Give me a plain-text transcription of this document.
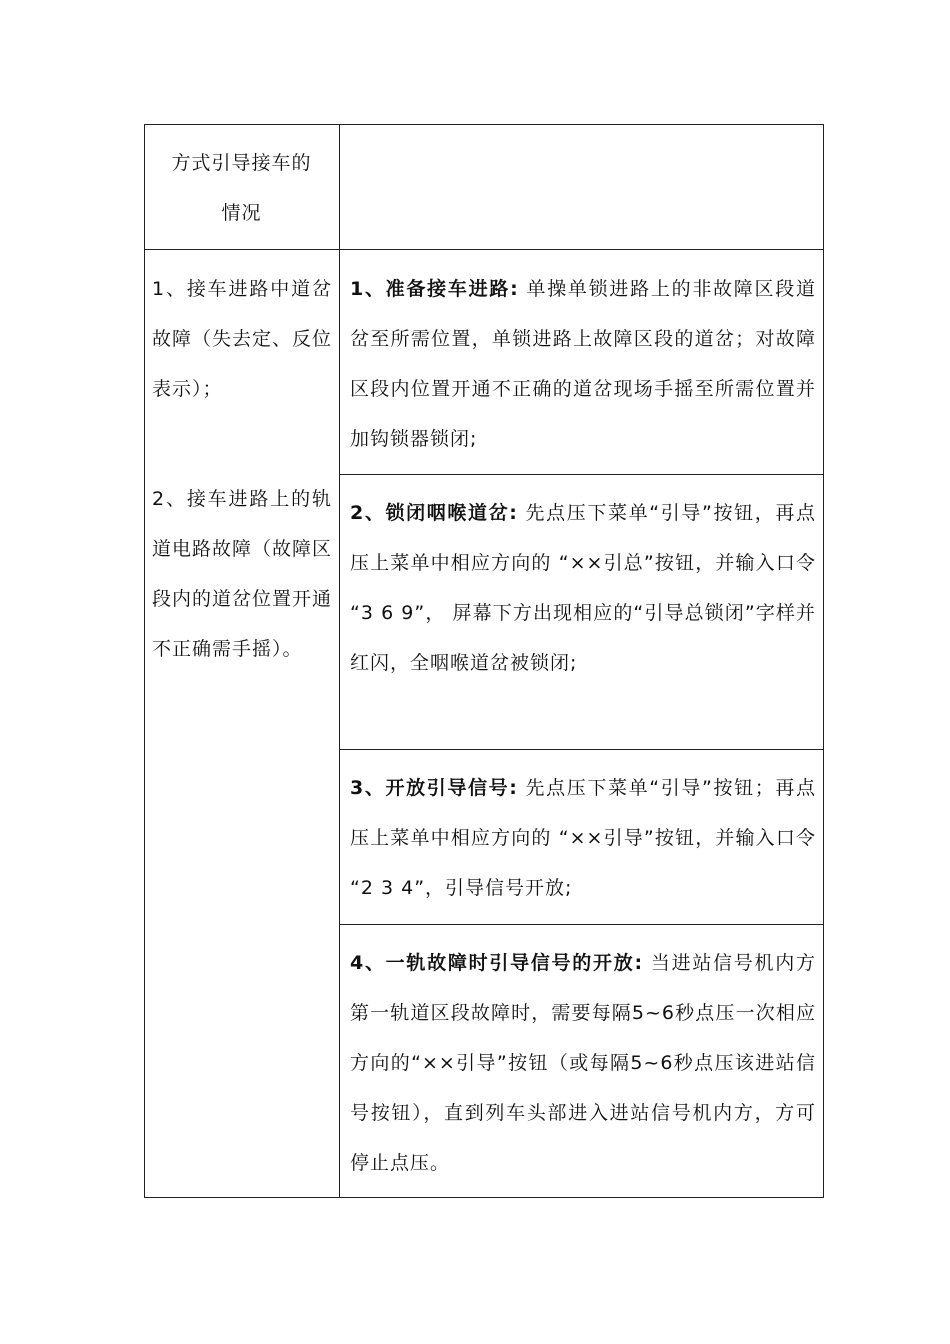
方式引导接车的情况
1、接车进路中道岔故障（失去定、反位表示）；
2、接车进路上的轨道电路故障（故障区段内的道岔位置开通不正确需手摇）。
1、准备接车进路: 单操单锁进路上的非故障区段道岔至所需位置，单锁进路上故障区段的道岔；对故障区段内位置开通不正确的道岔现场手摇至所需位置并加钩锁器锁闭;
2、锁闭咽喉道岔: 先点压下菜单“引导”按钮，再点压上菜单中相应方向的 “××引总”按钮，并输入口令 “3 6 9”， 屏幕下方出现相应的“引导总锁闭”字样并红闪，全咽喉道岔被锁闭;
3、开放引导信号: 先点压下菜单“引导”按钮；再点压上菜单中相应方向的 “××引导”按钮，并输入口令 “2 3 4”，引导信号开放;
4、一轨故障时引导信号的开放: 当进站信号机内方第一轨道区段故障时，需要每隔5~6秒点压一次相应方向的“××引导”按钮（或每隔5~6秒点压该进站信号按钮），直到列车头部进入进站信号机内方，方可停止点压。
